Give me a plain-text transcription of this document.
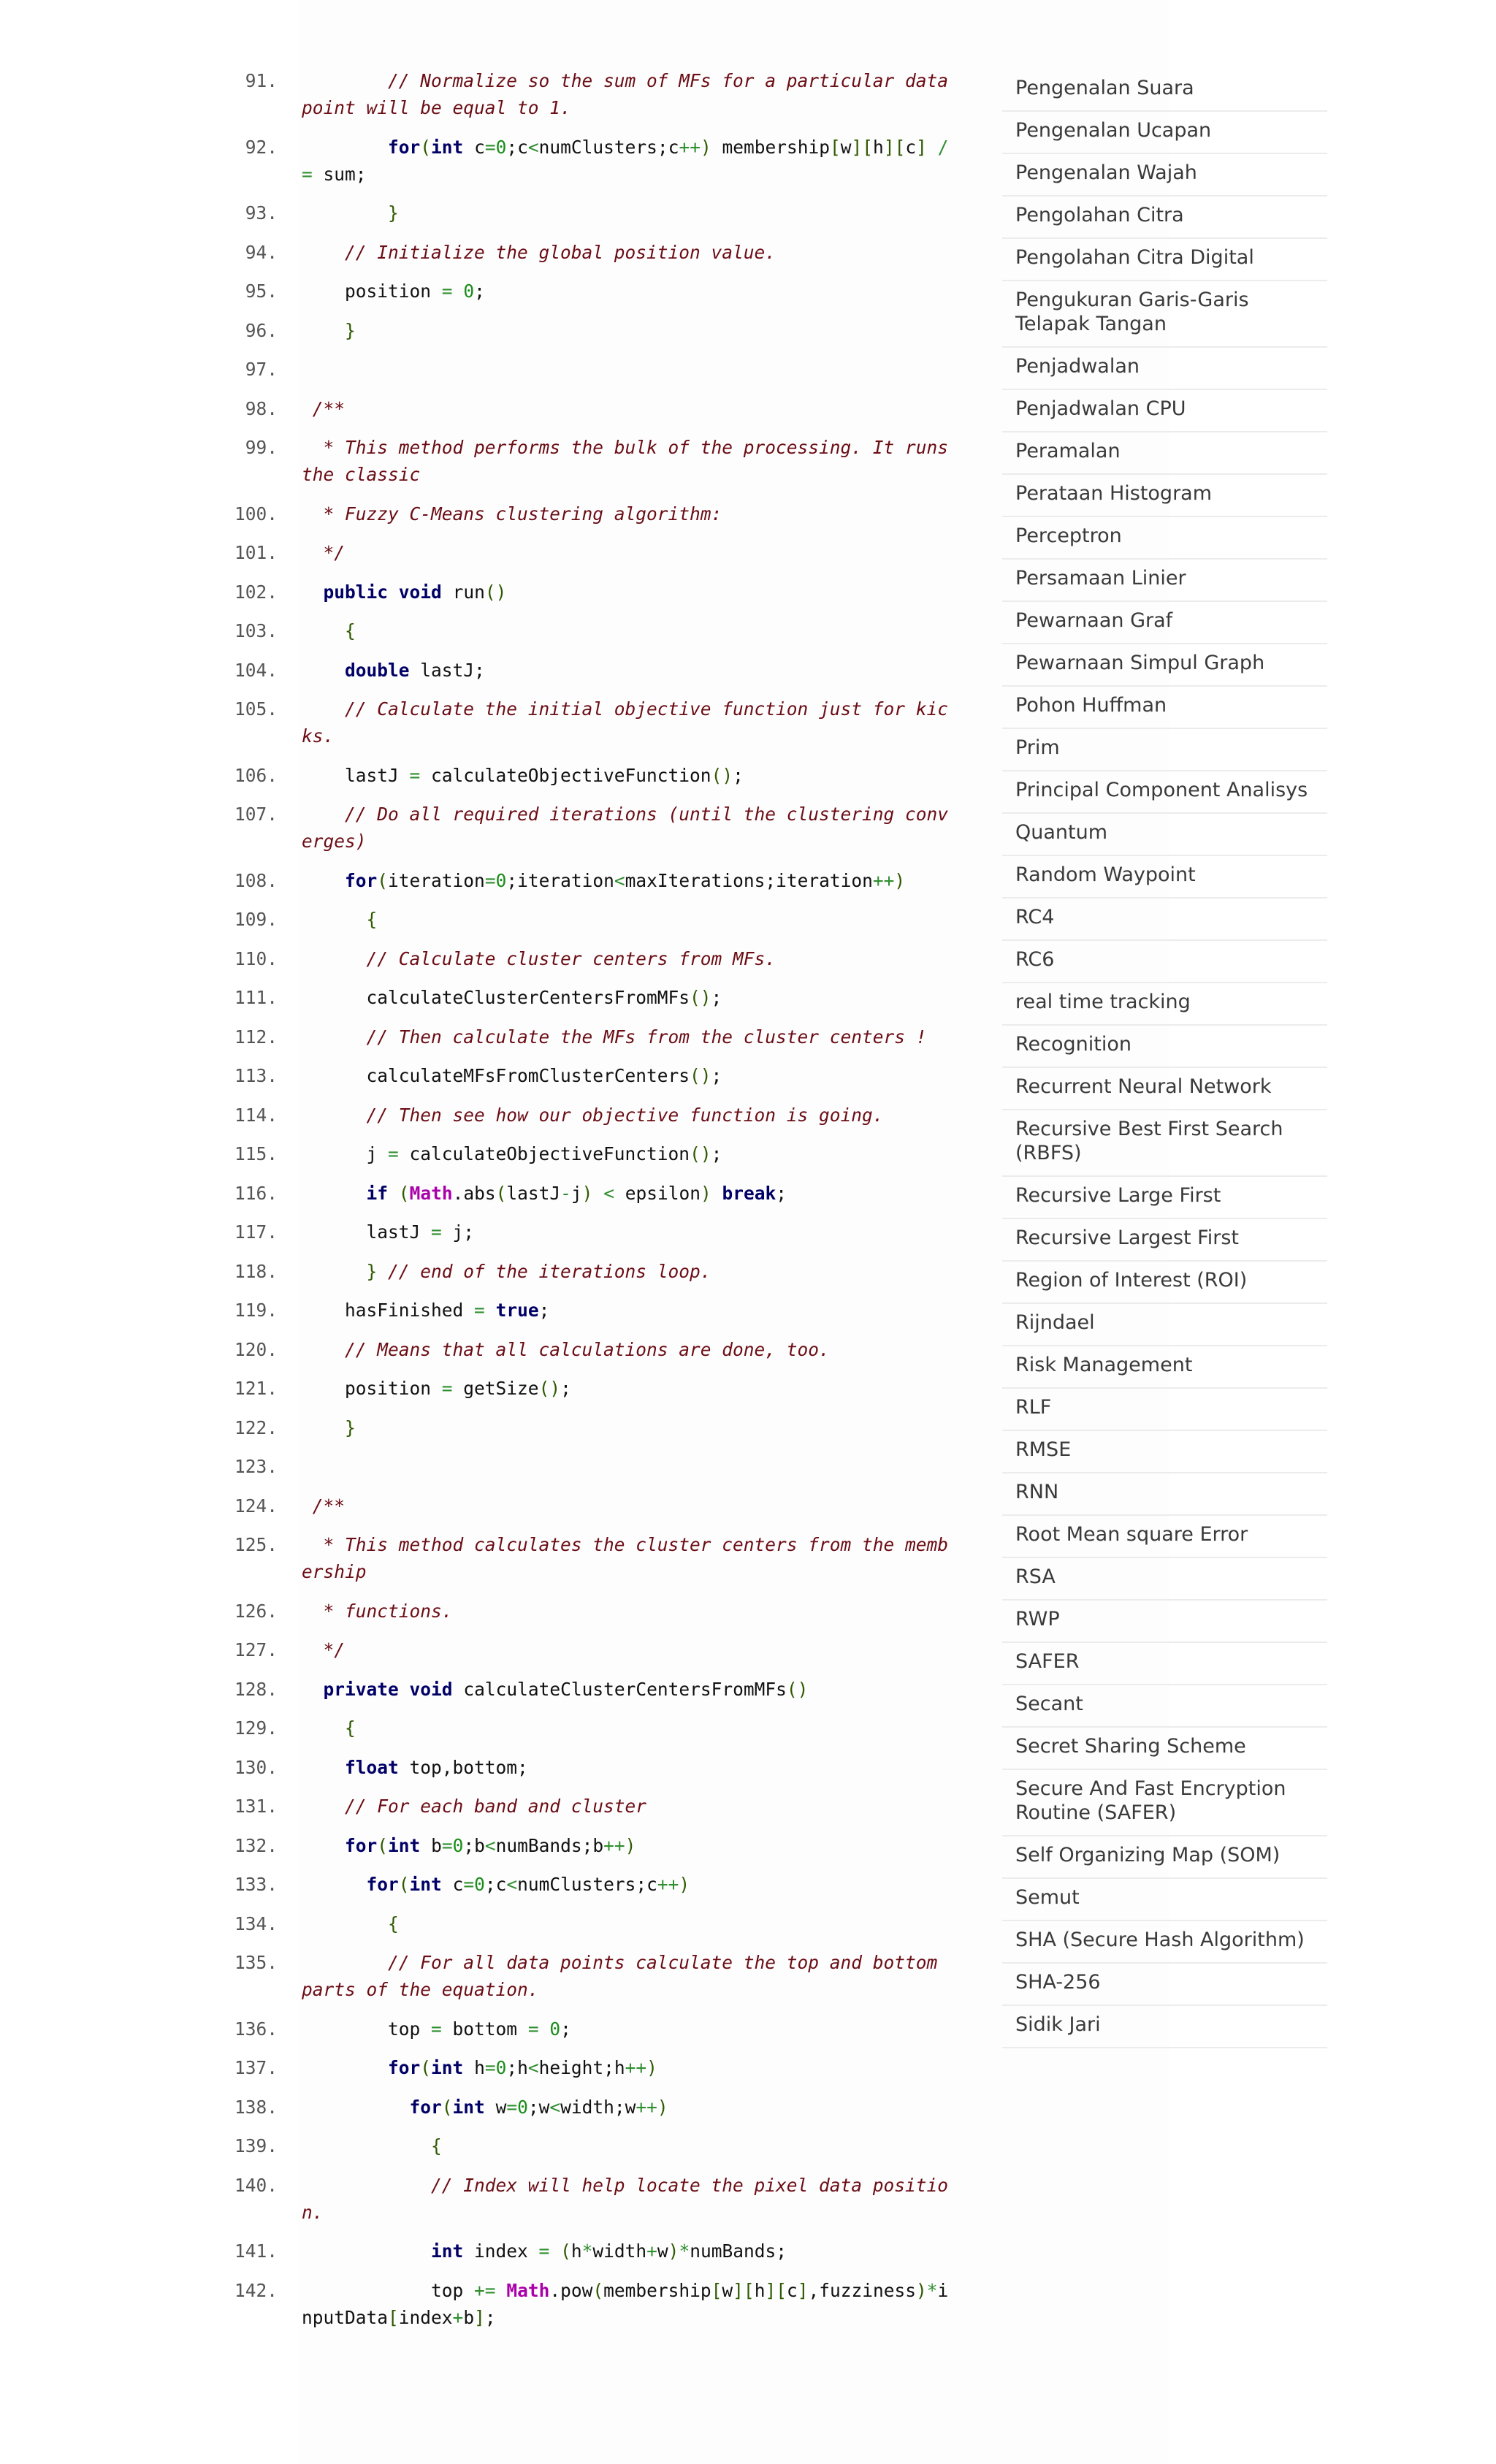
91.	// Normalize so the sum of MFs for a particular data point will be equal to 1.
92.	for(int c=0;c<numClusters;c++) membership[w][h][c] /= sum;
93.	}
94.	// Initialize the global position value.
95. position = 0;
96.	}
97.
98. /**
99.	* This method performs the bulk of the processing. It runs the classic
100.	* Fuzzy C-Means clustering algorithm:
101.	*/
102.	public void run()
103.	{
104.	double lastJ;
105.	// Calculate the initial objective function just for kicks.
106. lastJ = calculateObjectiveFunction();
107.	// Do all required iterations (until the clustering converges)
108.	for(iteration=0;iteration<maxIterations;iteration++)
109.	{
110.	// Calculate cluster centers from MFs.
111. calculateClusterCentersFromMFs();
112.	// Then calculate the MFs from the cluster centers !
113. calculateMFsFromClusterCenters();
114.	// Then see how our objective function is going.
115. j = calculateObjectiveFunction();
116.	if (Math.abs(lastJ-j) < epsilon) break;
117. lastJ = j;
118.	} // end of the iterations loop.
119. hasFinished = true;
120.	// Means that all calculations are done, too.
121. position = getSize();
122.	}
123.
124. /**
125.	* This method calculates the cluster centers from the membership
126.	* functions.
127.	*/
128.	private void calculateClusterCentersFromMFs()
129.	{
130.	float top,bottom;
131.	// For each band and cluster
132.	for(int b=0;b<numBands;b++)
133.	for(int c=0;c<numClusters;c++)
134.	{
135.	// For all data points calculate the top and bottom parts of the equation.
136. top = bottom = 0;
137.	for(int h=0;h<height;h++)
138.	for(int w=0;w<width;w++)
139.	{
140.	// Index will help locate the pixel data position.
141.	int index = (h*width+w)*numBands;
142. top += Math.pow(membership[w][h][c],fuzziness)*inputData[index+b];
Pengenalan Suara
Pengenalan Ucapan
Pengenalan Wajah
Pengolahan Citra
Pengolahan Citra Digital
Pengukuran Garis-Garis Telapak Tangan
Penjadwalan
Penjadwalan CPU
Peramalan
Perataan Histogram
Perceptron
Persamaan Linier
Pewarnaan Graf
Pewarnaan Simpul Graph
Pohon Huffman
Prim
Principal Component Analisys
Quantum
Random Waypoint
RC4
RC6
real time tracking
Recognition
Recurrent Neural Network
Recursive Best First Search (RBFS)
Recursive Large First
Recursive Largest First
Region of Interest (ROI)
Rijndael
Risk Management
RLF
RMSE
RNN
Root Mean square Error
RSA
RWP
SAFER
Secant
Secret Sharing Scheme
Secure And Fast Encryption Routine (SAFER)
Self Organizing Map (SOM)
Semut
SHA (Secure Hash Algorithm)
SHA-256
Sidik Jari
